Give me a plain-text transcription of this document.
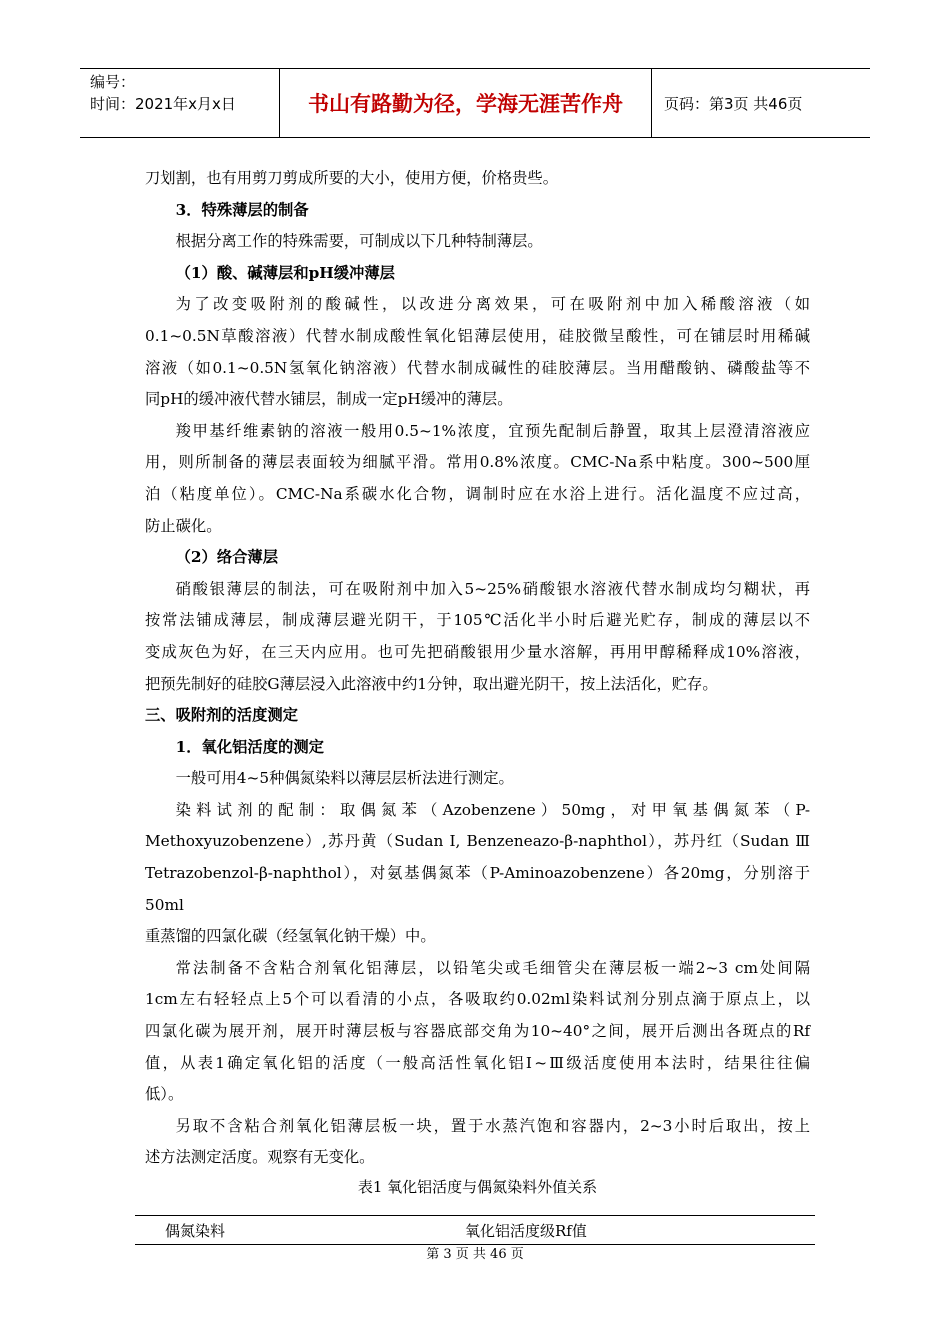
编号：
时间：2021年x月x日	书山有路勤为径，学海无涯苦作舟	页码：第3页 共46页

刀划割，也有用剪刀剪成所要的大小，使用方便，价格贵些。

3．特殊薄层的制备

根据分离工作的特殊需要，可制成以下几种特制薄层。

（1）酸、碱薄层和pH缓冲薄层

为了改变吸附剂的酸碱性，以改进分离效果，可在吸附剂中加入稀酸溶液（如

0.1~0.5N草酸溶液）代替水制成酸性氧化铝薄层使用，硅胶微呈酸性，可在铺层时用稀碱

溶液（如0.1~0.5N氢氧化钠溶液）代替水制成碱性的硅胶薄层。当用醋酸钠、磷酸盐等不

同pH的缓冲液代替水铺层，制成一定pH缓冲的薄层。

羧甲基纤维素钠的溶液一般用0.5~1%浓度，宜预先配制后静置，取其上层澄清溶液应

用，则所制备的薄层表面较为细腻平滑。常用0.8%浓度。CMC-Na系中粘度。300~500厘

泊（粘度单位）。CMC-Na系碳水化合物，调制时应在水浴上进行。活化温度不应过高，

防止碳化。

（2）络合薄层

硝酸银薄层的制法，可在吸附剂中加入5~25%硝酸银水溶液代替水制成均匀糊状，再

按常法铺成薄层，制成薄层避光阴干，于105℃活化半小时后避光贮存，制成的薄层以不

变成灰色为好，在三天内应用。也可先把硝酸银用少量水溶解，再用甲醇稀释成10%溶液，

把预先制好的硅胶G薄层浸入此溶液中约1分钟，取出避光阴干，按上法活化，贮存。

三、吸附剂的活度测定

1．氧化铝活度的测定

一般可用4~5种偶氮染料以薄层层析法进行测定。

染料试剂的配制：取偶氮苯（Azobenzene）50mg，对甲氧基偶氮苯（P-

Methoxyuzobenzene）,苏丹黄（Sudan I, Benzeneazo-β-naphthol），苏丹红（Sudan Ⅲ

Tetrazobenzol-β-naphthol），对氨基偶氮苯（P-Aminoazobenzene）各20mg，分别溶于50ml

重蒸馏的四氯化碳（经氢氧化钠干燥）中。

常法制备不含粘合剂氧化铝薄层，以铅笔尖或毛细管尖在薄层板一端2~3 cm处间隔

1cm左右轻轻点上5个可以看清的小点，各吸取约0.02ml染料试剂分别点滴于原点上，以

四氯化碳为展开剂，展开时薄层板与容器底部交角为10~40°之间，展开后测出各斑点的Rf

值，从表1确定氧化铝的活度（一般高活性氧化铝Ⅰ~Ⅲ级活度使用本法时，结果往往偏

低）。

另取不含粘合剂氧化铝薄层板一块，置于水蒸汽饱和容器内，2~3小时后取出，按上

述方法测定活度。观察有无变化。

表1 氧化铝活度与偶氮染料外值关系

偶氮染料	氧化铝活度级Rf值
第 3 页 共 46 页
